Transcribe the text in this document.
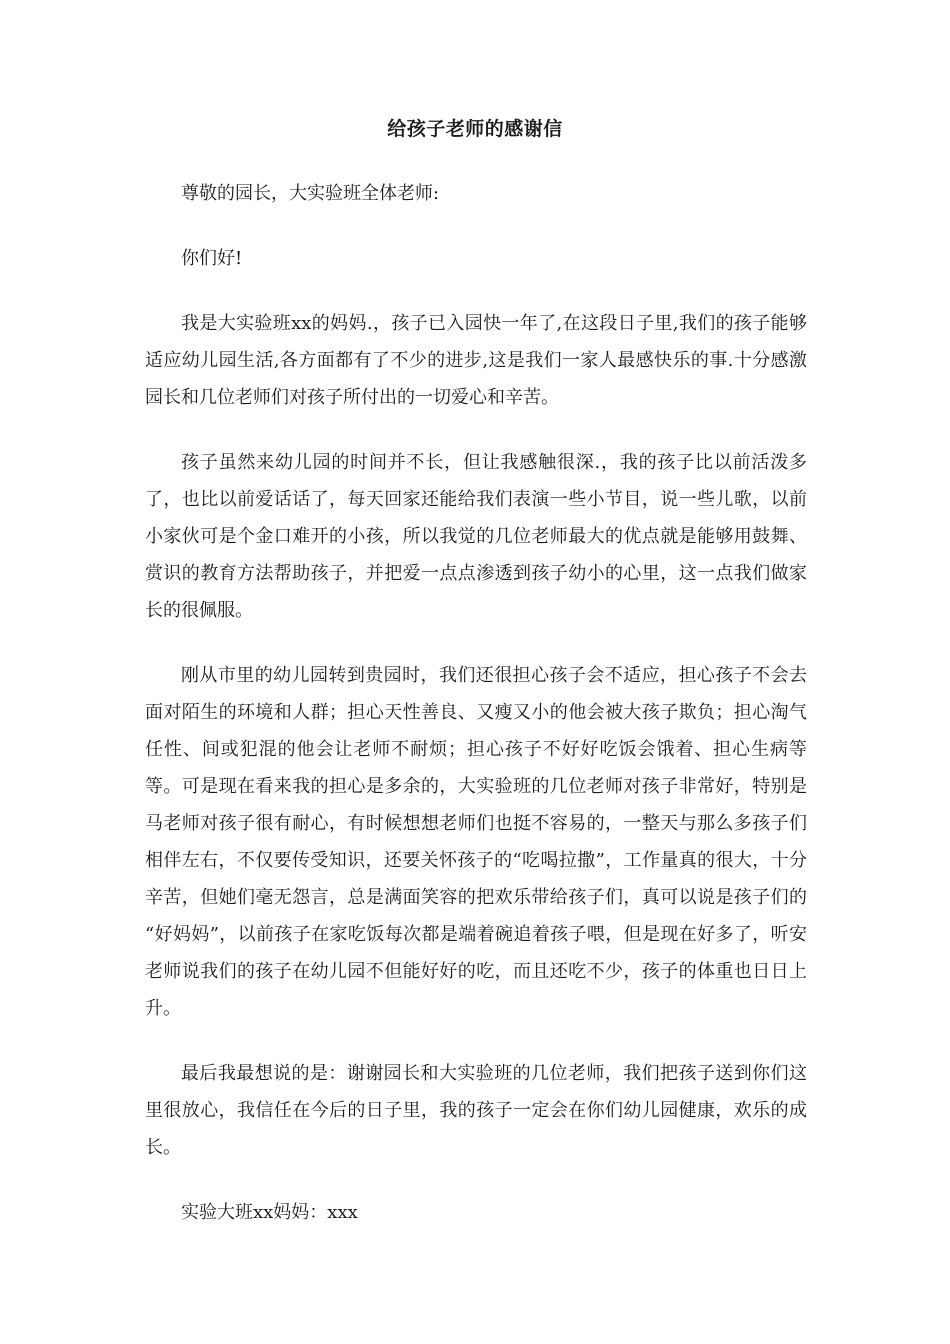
给孩子老师的感谢信

尊敬的园长，大实验班全体老师:

你们好!

我是大实验班xx的妈妈.，孩子已入园快一年了,在这段日子里,我们的孩子能够适应幼儿园生活,各方面都有了不少的进步,这是我们一家人最感快乐的事.十分感激园长和几位老师们对孩子所付出的一切爱心和辛苦。

孩子虽然来幼儿园的时间并不长，但让我感触很深.，我的孩子比以前活泼多了，也比以前爱话话了，每天回家还能给我们表演一些小节目，说一些儿歌，以前小家伙可是个金口难开的小孩，所以我觉的几位老师最大的优点就是能够用鼓舞、赏识的教育方法帮助孩子，并把爱一点点渗透到孩子幼小的心里，这一点我们做家长的很佩服。

刚从市里的幼儿园转到贵园时，我们还很担心孩子会不适应，担心孩子不会去面对陌生的环境和人群；担心天性善良、又瘦又小的他会被大孩子欺负；担心淘气任性、间或犯混的他会让老师不耐烦；担心孩子不好好吃饭会饿着、担心生病等等。可是现在看来我的担心是多余的，大实验班的几位老师对孩子非常好，特别是马老师对孩子很有耐心，有时候想想老师们也挺不容易的，一整天与那么多孩子们相伴左右，不仅要传受知识，还要关怀孩子的“吃喝拉撒”，工作量真的很大，十分辛苦，但她们毫无怨言，总是满面笑容的把欢乐带给孩子们，真可以说是孩子们的 “好妈妈”，以前孩子在家吃饭每次都是端着碗追着孩子喂，但是现在好多了，听安老师说我们的孩子在幼儿园不但能好好的吃，而且还吃不少，孩子的体重也日日上升。

最后我最想说的是：谢谢园长和大实验班的几位老师，我们把孩子送到你们这里很放心，我信任在今后的日子里，我的孩子一定会在你们幼儿园健康，欢乐的成长。

实验大班xx妈妈：xxx
